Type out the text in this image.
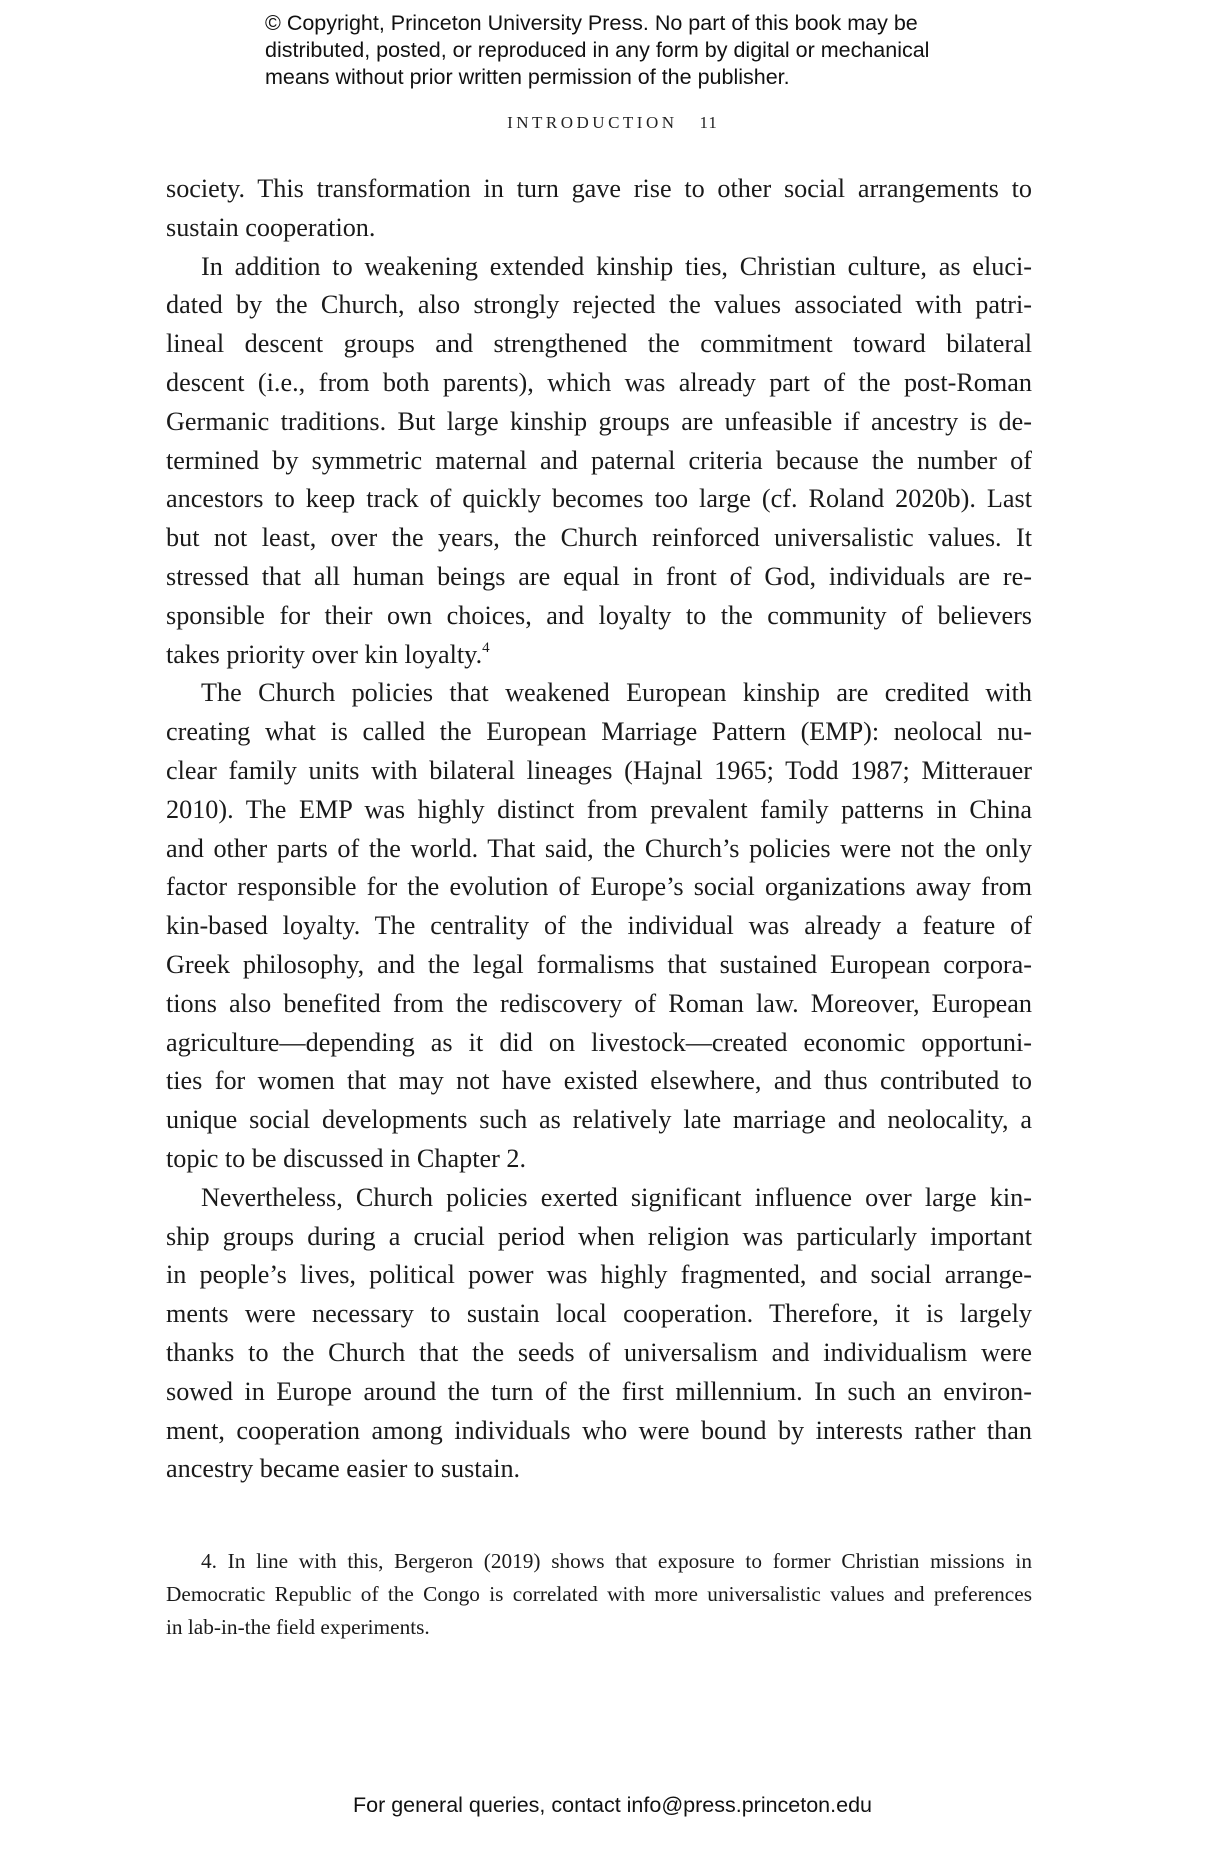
© Copyright, Princeton University Press. No part of this book may be
distributed, posted, or reproduced in any form by digital or mechanical
means without prior written permission of the publisher.
INTRODUCTION 11
society. This transformation in turn gave rise to other social arrangements to
sustain cooperation.
In addition to weakening extended kinship ties, Christian culture, as eluci-
dated by the Church, also strongly rejected the values associated with patri-
lineal descent groups and strengthened the commitment toward bilateral
descent (i.e., from both parents), which was already part of the post-Roman
Germanic traditions. But large kinship groups are unfeasible if ancestry is de-
termined by symmetric maternal and paternal criteria because the number of
ancestors to keep track of quickly becomes too large (cf. Roland 2020b). Last
but not least, over the years, the Church reinforced universalistic values. It
stressed that all human beings are equal in front of God, individuals are re-
sponsible for their own choices, and loyalty to the community of believers
takes priority over kin loyalty.$^4$
The Church policies that weakened European kinship are credited with
creating what is called the European Marriage Pattern (EMP): neolocal nu-
clear family units with bilateral lineages (Hajnal 1965; Todd 1987; Mitterauer
2010). The EMP was highly distinct from prevalent family patterns in China
and other parts of the world. That said, the Church’s policies were not the only
factor responsible for the evolution of Europe’s social organizations away from
kin-based loyalty. The centrality of the individual was already a feature of
Greek philosophy, and the legal formalisms that sustained European corpora-
tions also benefited from the rediscovery of Roman law. Moreover, European
agriculture—depending as it did on livestock—created economic opportuni-
ties for women that may not have existed elsewhere, and thus contributed to
unique social developments such as relatively late marriage and neolocality, a
topic to be discussed in Chapter 2.
Nevertheless, Church policies exerted significant influence over large kin-
ship groups during a crucial period when religion was particularly important
in people’s lives, political power was highly fragmented, and social arrange-
ments were necessary to sustain local cooperation. Therefore, it is largely
thanks to the Church that the seeds of universalism and individualism were
sowed in Europe around the turn of the first millennium. In such an environ-
ment, cooperation among individuals who were bound by interests rather than
ancestry became easier to sustain.
4. In line with this, Bergeron (2019) shows that exposure to former Christian missions in
Democratic Republic of the Congo is correlated with more universalistic values and preferences
in lab-in-the field experiments.
For general queries, contact info@press.princeton.edu
